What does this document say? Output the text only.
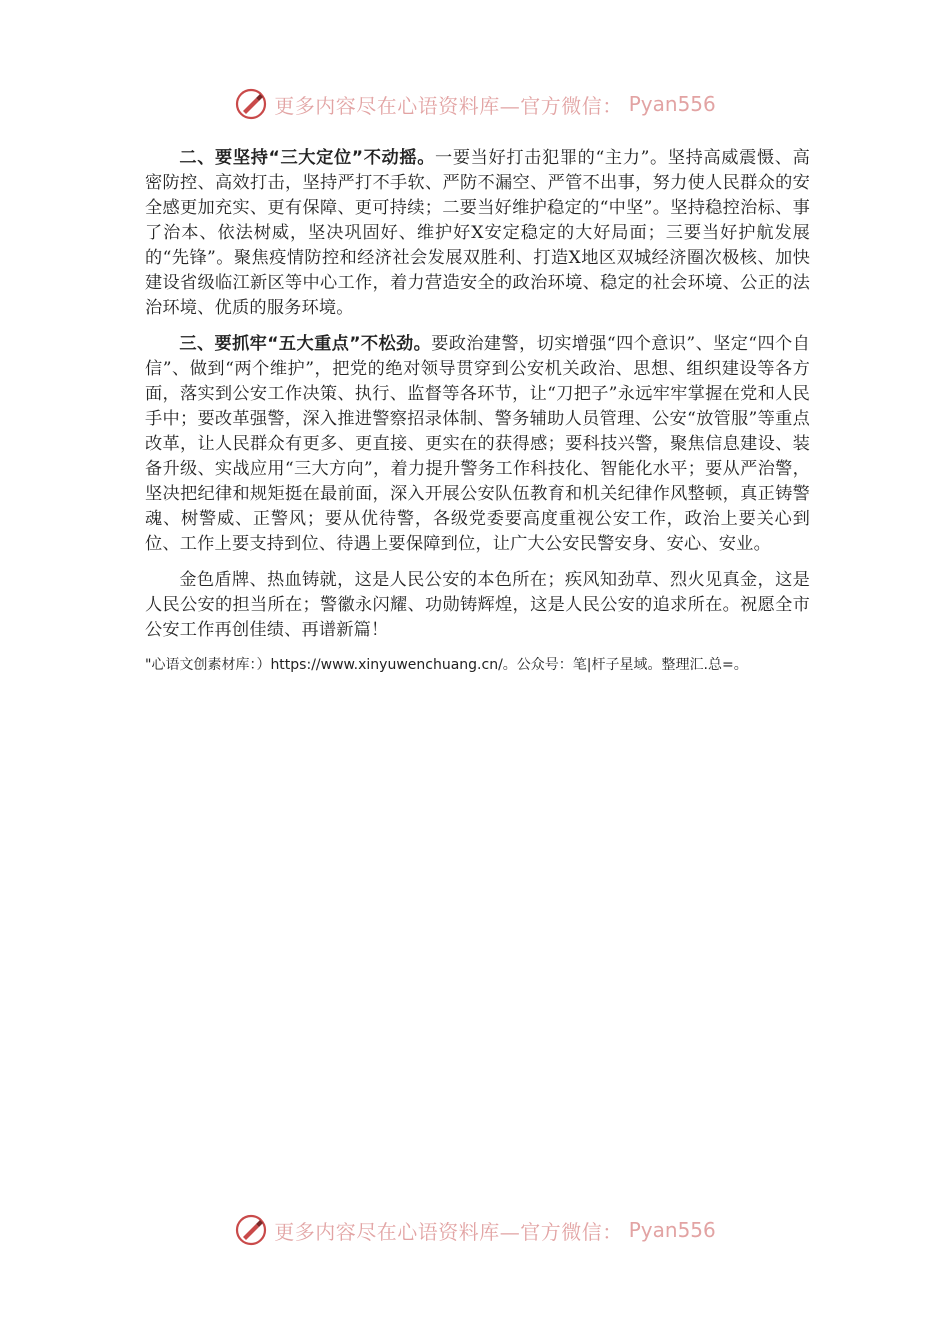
更多内容尽在心语资料库—官方微信： Pyan556

二、要坚持“三大定位”不动摇。一要当好打击犯罪的“主力”。坚持高威震慑、高密防控、高效打击，坚持严打不手软、严防不漏空、严管不出事，努力使人民群众的安全感更加充实、更有保障、更可持续；二要当好维护稳定的“中坚”。坚持稳控治标、事了治本、依法树威，坚决巩固好、维护好X安定稳定的大好局面；三要当好护航发展的“先锋”。聚焦疫情防控和经济社会发展双胜利、打造X地区双城经济圈次极核、加快建设省级临江新区等中心工作，着力营造安全的政治环境、稳定的社会环境、公正的法治环境、优质的服务环境。

三、要抓牢“五大重点”不松劲。要政治建警，切实增强“四个意识”、坚定“四个自信”、做到“两个维护”，把党的绝对领导贯穿到公安机关政治、思想、组织建设等各方面，落实到公安工作决策、执行、监督等各环节，让“刀把子”永远牢牢掌握在党和人民手中；要改革强警，深入推进警察招录体制、警务辅助人员管理、公安“放管服”等重点改革，让人民群众有更多、更直接、更实在的获得感；要科技兴警，聚焦信息建设、装备升级、实战应用“三大方向”，着力提升警务工作科技化、智能化水平；要从严治警，坚决把纪律和规矩挺在最前面，深入开展公安队伍教育和机关纪律作风整顿，真正铸警魂、树警威、正警风；要从优待警，各级党委要高度重视公安工作，政治上要关心到位、工作上要支持到位、待遇上要保障到位，让广大公安民警安身、安心、安业。

金色盾牌、热血铸就，这是人民公安的本色所在；疾风知劲草、烈火见真金，这是人民公安的担当所在；警徽永闪耀、功勋铸辉煌，这是人民公安的追求所在。祝愿全市公安工作再创佳绩、再谱新篇！

"心语文创素材库：）https://www.xinyuwenchuang.cn/。公众号：笔|杆子星域。整理汇.总=。
更多内容尽在心语资料库—官方微信： Pyan556
